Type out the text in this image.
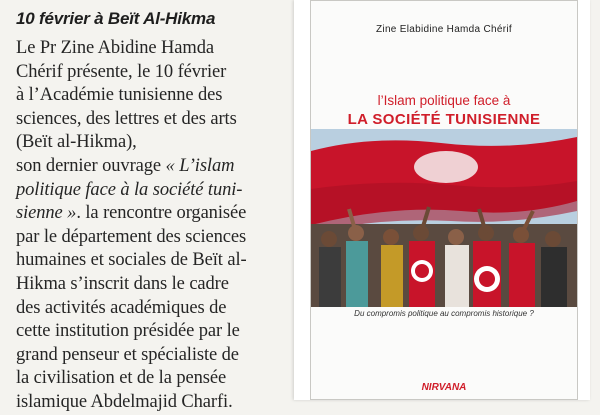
10 février à Beït Al-Hikma
Le Pr Zine Abidine Hamda
Chérif présente, le 10 février
à l’Académie tunisienne des
sciences, des lettres et des arts
(Beït al-Hikma),
son dernier ouvrage « L’islam
politique face à la société tuni-
sienne ». la rencontre organisée
par le département des sciences
humaines et sociales de Beït al-
Hikma s’inscrit dans le cadre
des activités académiques de
cette institution présidée par le
grand penseur et spécialiste de
la civilisation et de la pensée
islamique Abdelmajid Charfi.
Zine Elabidine Hamda Chérif
l’Islam politique face à
LA SOCIÉTÉ TUNISIENNE
Du compromis politique au compromis historique ?
NIRVANA
